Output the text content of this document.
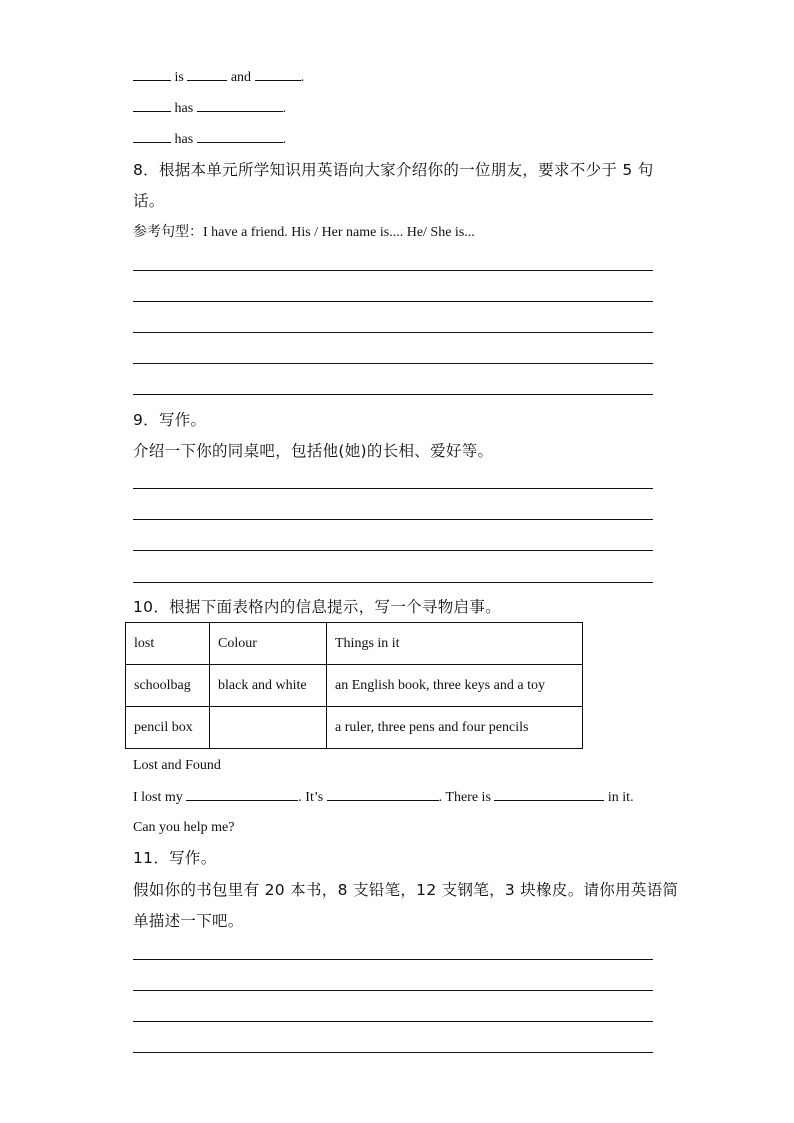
is	and	.
has	.
has	.
8．根据本单元所学知识用英语向大家介绍你的一位朋友，要求不少于 5 句
话。
参考句型：I have a friend. His / Her name is.... He/ She is...
9．写作。
介绍一下你的同桌吧，包括他(她)的长相、爱好等。
10．根据下面表格内的信息提示，写一个寻物启事。
lost	Colour	Things in it
schoolbag	black and white	an English book, three keys and a toy
pencil box		a ruler, three pens and four pencils
Lost and Found
I lost my	. It’s	. There is	in it.
Can you help me?
11．写作。
假如你的书包里有 20 本书，8 支铅笔，12 支钢笔，3 块橡皮。请你用英语简
单描述一下吧。
